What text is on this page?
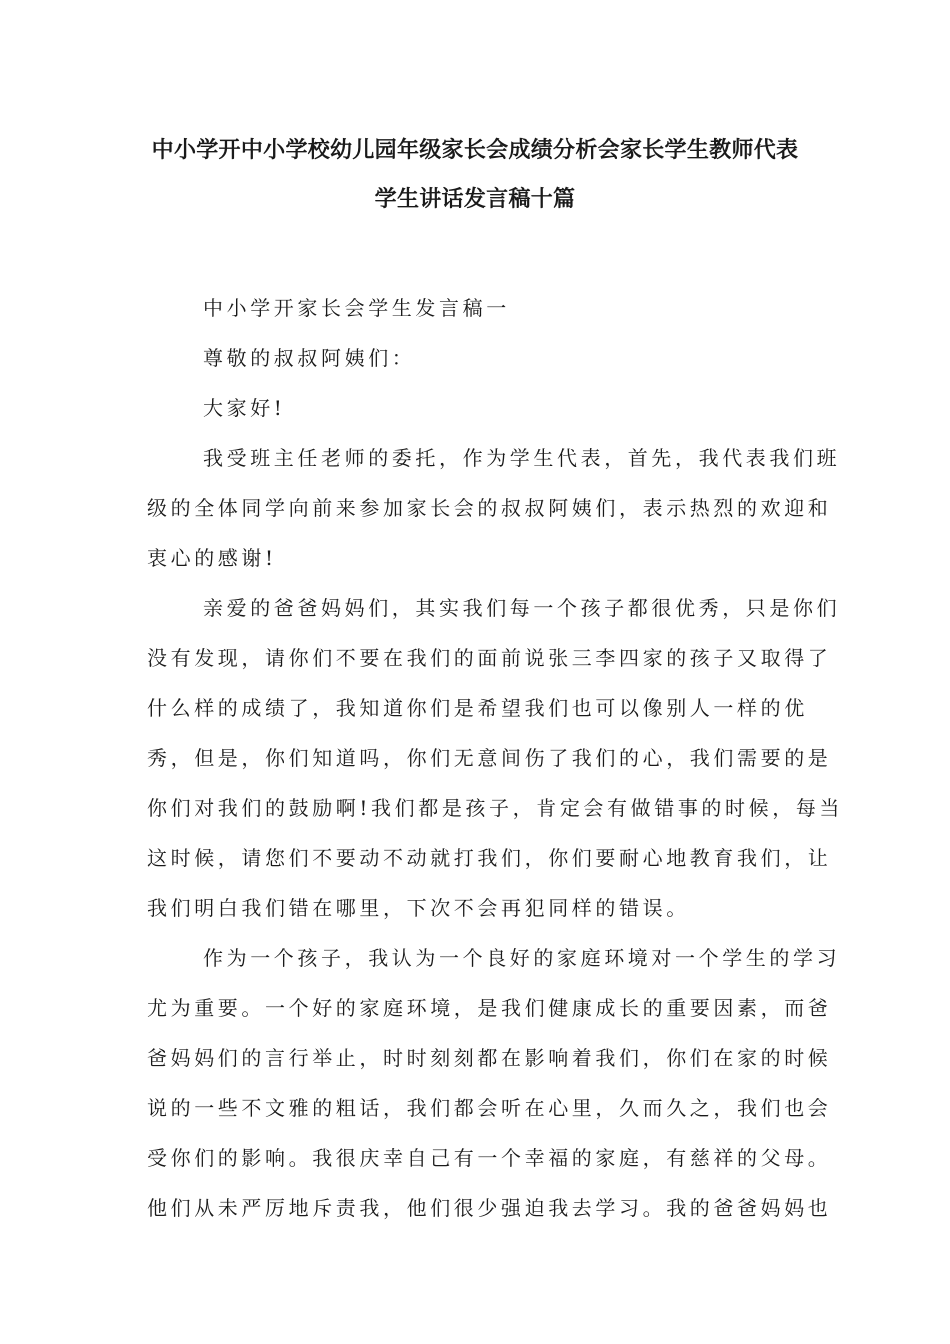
中小学开中小学校幼儿园年级家长会成绩分析会家长学生教师代表
学生讲话发言稿十篇

中小学开家长会学生发言稿一

尊敬的叔叔阿姨们：

大家好!

我受班主任老师的委托，作为学生代表，首先，我代表我们班
级的全体同学向前来参加家长会的叔叔阿姨们，表示热烈的欢迎和
衷心的感谢!
亲爱的爸爸妈妈们，其实我们每一个孩子都很优秀，只是你们
没有发现，请你们不要在我们的面前说张三李四家的孩子又取得了
什么样的成绩了，我知道你们是希望我们也可以像别人一样的优
秀，但是，你们知道吗，你们无意间伤了我们的心，我们需要的是
你们对我们的鼓励啊!我们都是孩子，肯定会有做错事的时候，每当
这时候，请您们不要动不动就打我们，你们要耐心地教育我们，让
我们明白我们错在哪里，下次不会再犯同样的错误。
作为一个孩子，我认为一个良好的家庭环境对一个学生的学习
尤为重要。一个好的家庭环境，是我们健康成长的重要因素，而爸
爸妈妈们的言行举止，时时刻刻都在影响着我们，你们在家的时候
说的一些不文雅的粗话，我们都会听在心里，久而久之，我们也会
受你们的影响。我很庆幸自己有一个幸福的家庭，有慈祥的父母。
他们从未严厉地斥责我，他们很少强迫我去学习。我的爸爸妈妈也
